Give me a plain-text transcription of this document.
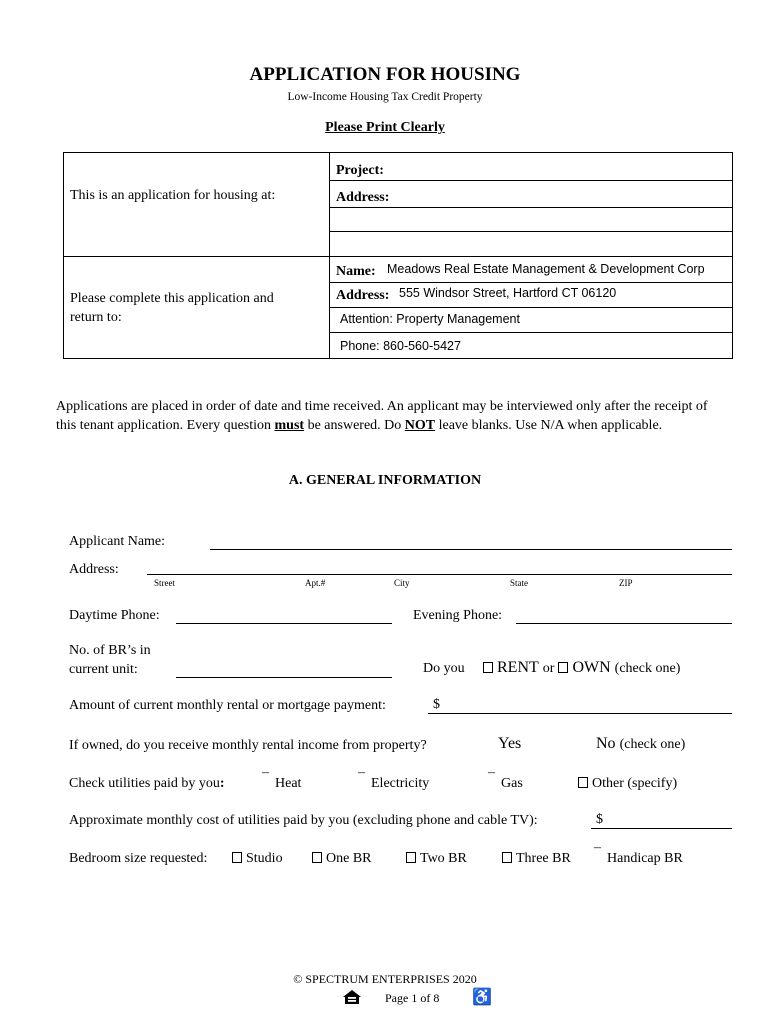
APPLICATION FOR HOUSING
Low-Income Housing Tax Credit Property
Please Print Clearly
This is an application for housing at:
Project:
Address:
Please complete this application and
return to:
Name: Meadows Real Estate Management & Development Corp
Address: 555 Windsor Street, Hartford CT 06120
Attention: Property Management
Phone: 860-560-5427
Applications are placed in order of date and time received. An applicant may be interviewed only after the receipt of this tenant application. Every question must be answered. Do NOT leave blanks. Use N/A when applicable.
A. GENERAL INFORMATION
Applicant Name:
Address:
Street	Apt.#	City	State	ZIP
Daytime Phone:	Evening Phone:
No. of BR’s in
current unit:	Do you	RENT or OWN (check one)
Amount of current monthly rental or mortgage payment:	$
If owned, do you receive monthly rental income from property?	Yes	No (check one)
Check utilities paid by you:	¯ Heat	¯ Electricity	¯ Gas	Other (specify)
Approximate monthly cost of utilities paid by you (excluding phone and cable TV):	$
Bedroom size requested:	Studio	One BR	Two BR	Three BR ¯ Handicap BR
© SPECTRUM ENTERPRISES 2020
Page 1 of 8 ♿
